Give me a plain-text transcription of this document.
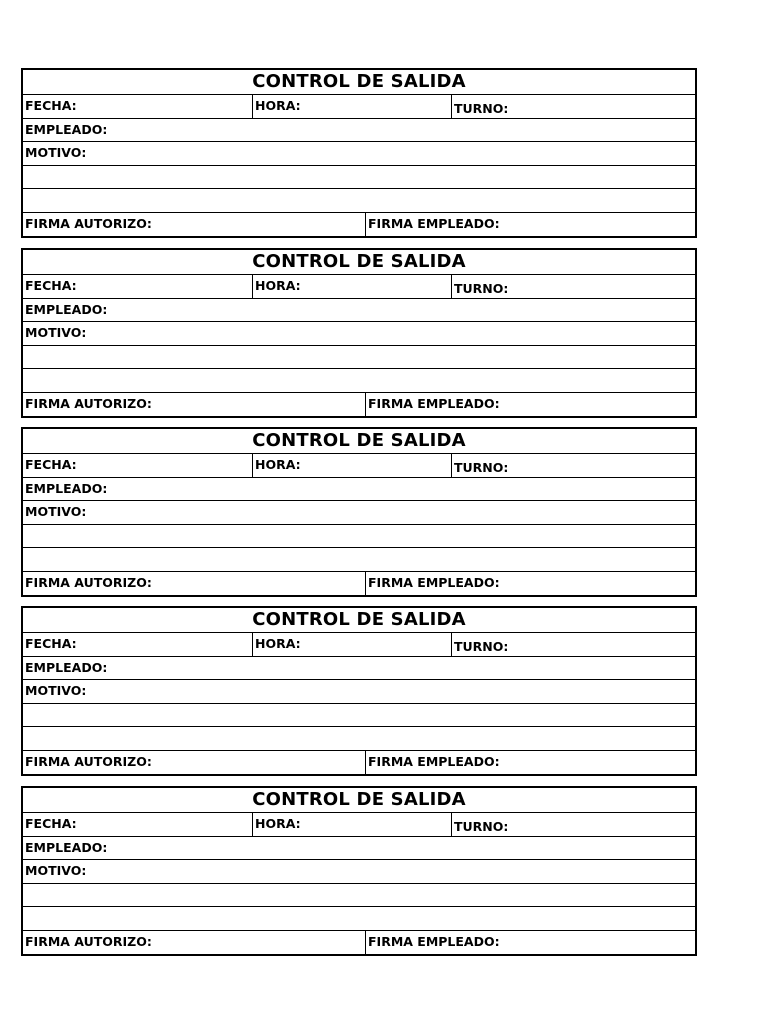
CONTROL DE SALIDA
FECHA:	HORA:	TURNO:
EMPLEADO:
MOTIVO:
FIRMA AUTORIZO:	FIRMA EMPLEADO:
CONTROL DE SALIDA
FECHA:	HORA:	TURNO:
EMPLEADO:
MOTIVO:
FIRMA AUTORIZO:	FIRMA EMPLEADO:
CONTROL DE SALIDA
FECHA:	HORA:	TURNO:
EMPLEADO:
MOTIVO:
FIRMA AUTORIZO:	FIRMA EMPLEADO:
CONTROL DE SALIDA
FECHA:	HORA:	TURNO:
EMPLEADO:
MOTIVO:
FIRMA AUTORIZO:	FIRMA EMPLEADO:
CONTROL DE SALIDA
FECHA:	HORA:	TURNO:
EMPLEADO:
MOTIVO:
FIRMA AUTORIZO:	FIRMA EMPLEADO:
